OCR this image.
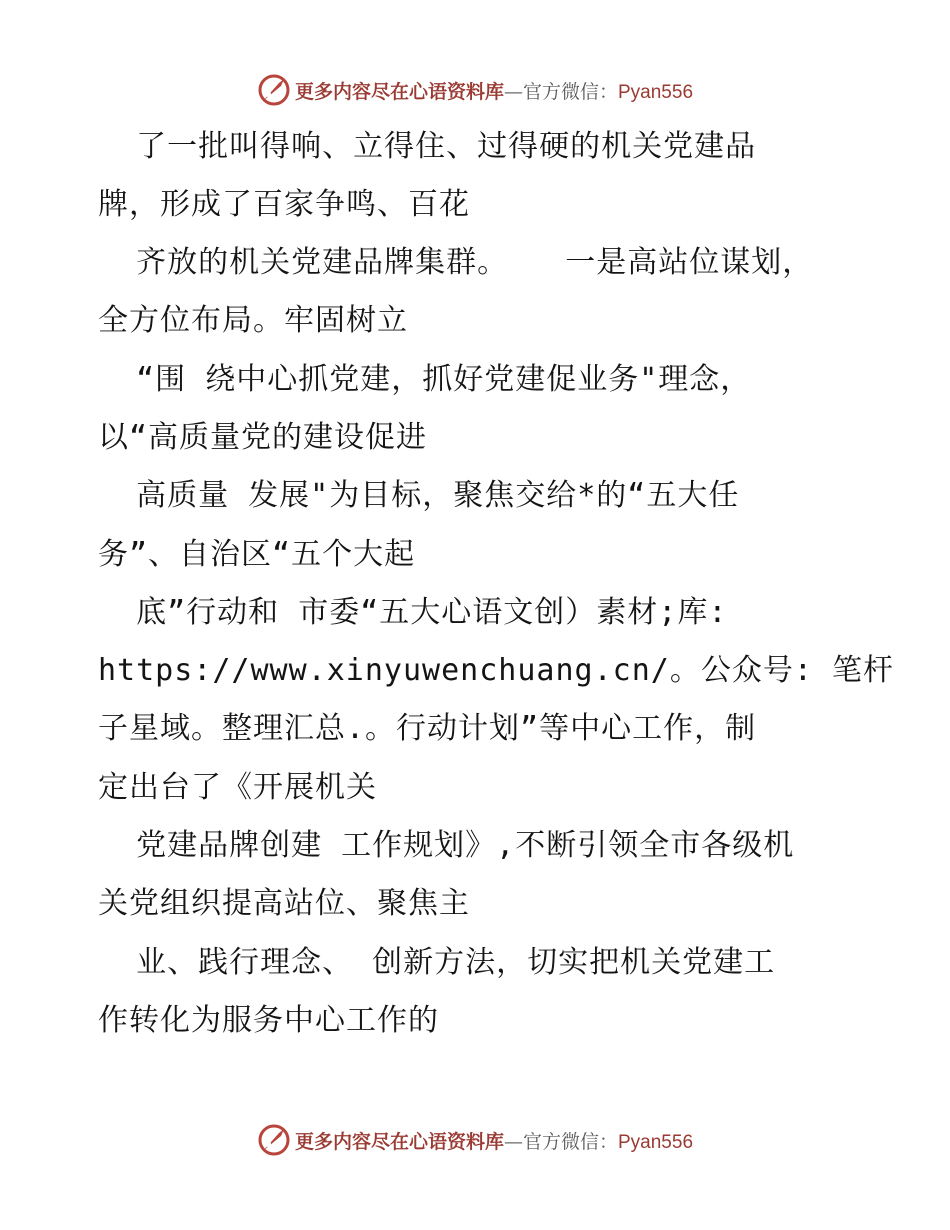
更多内容尽在心语资料库—官方微信：Pyan556
了一批叫得响、立得住、过得硬的机关党建品
牌，形成了百家争鸣、百花
齐放的机关党建品牌集群。   一是高站位谋划，
全方位布局。牢固树立
“围 绕中心抓党建，抓好党建促业务"理念，
以“高质量党的建设促进
高质量 发展"为目标，聚焦交给*的“五大任
务”、自治区“五个大起
底”行动和 市委“五大心语文创）素材;库:
https://www.xinyuwenchuang.cn/。公众号: 笔杆
子星域。整理汇总.。行动计划”等中心工作，制
定出台了《开展机关
党建品牌创建 工作规划》,不断引领全市各级机
关党组织提高站位、聚焦主
业、践行理念、 创新方法，切实把机关党建工
作转化为服务中心工作的
更多内容尽在心语资料库—官方微信：Pyan556
